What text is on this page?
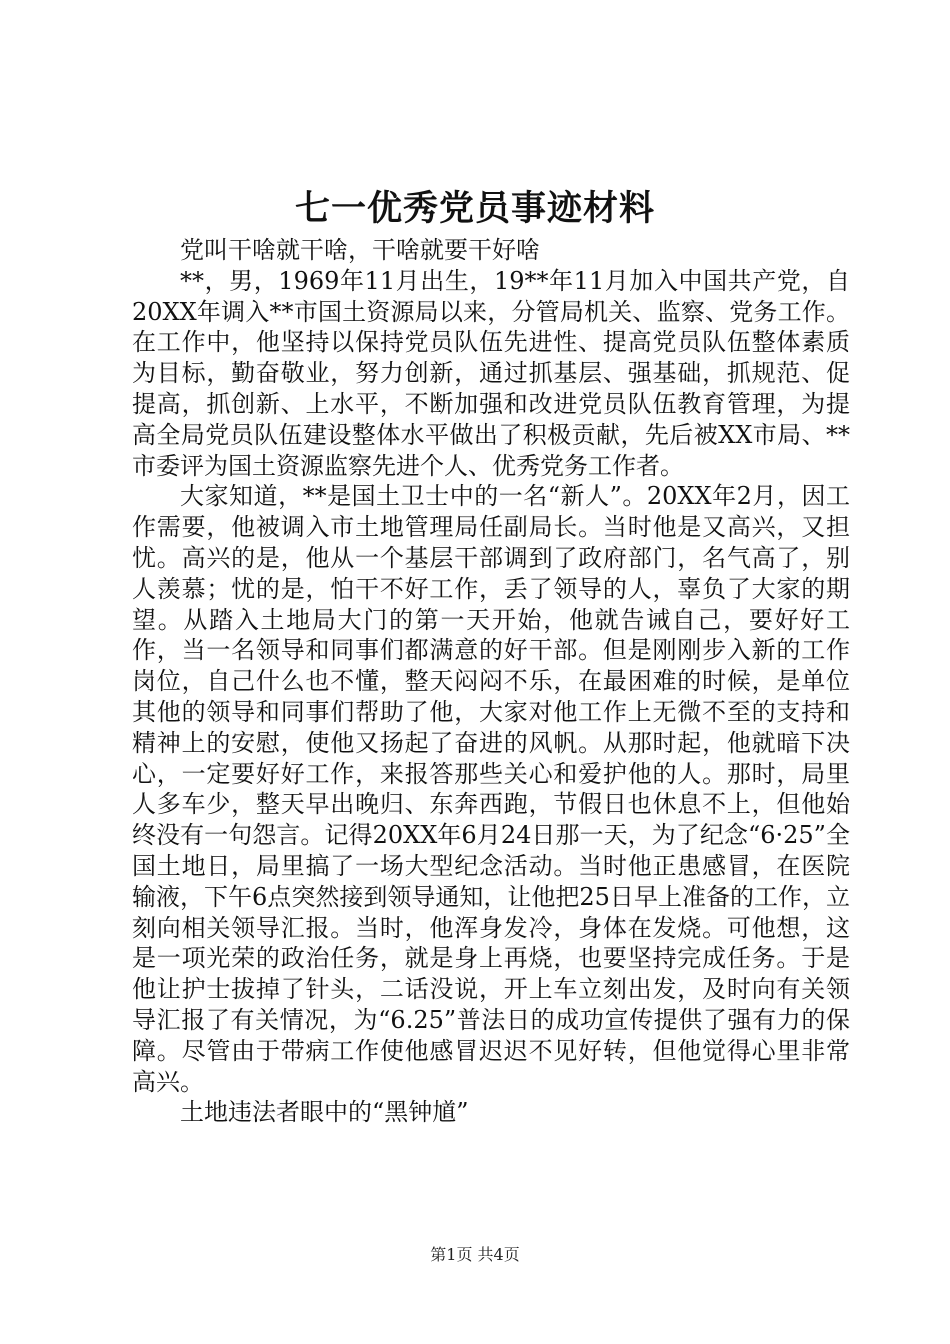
七一优秀党员事迹材料

党叫干啥就干啥，干啥就要干好啥

**，男，1969年11月出生，19**年11月加入中国共产党，自20XX年调入**市国土资源局以来，分管局机关、监察、党务工作。在工作中，他坚持以保持党员队伍先进性、提高党员队伍整体素质为目标，勤奋敬业，努力创新，通过抓基层、强基础，抓规范、促提高，抓创新、上水平，不断加强和改进党员队伍教育管理，为提高全局党员队伍建设整体水平做出了积极贡献，先后被XX市局、**市委评为国土资源监察先进个人、优秀党务工作者。

大家知道，**是国土卫士中的一名“新人”。20XX年2月，因工作需要，他被调入市土地管理局任副局长。当时他是又高兴，又担忧。高兴的是，他从一个基层干部调到了政府部门，名气高了，别人羡慕；忧的是，怕干不好工作，丢了领导的人，辜负了大家的期望。从踏入土地局大门的第一天开始，他就告诫自己，要好好工作，当一名领导和同事们都满意的好干部。但是刚刚步入新的工作岗位，自己什么也不懂，整天闷闷不乐，在最困难的时候，是单位其他的领导和同事们帮助了他，大家对他工作上无微不至的支持和精神上的安慰，使他又扬起了奋进的风帆。从那时起，他就暗下决心，一定要好好工作，来报答那些关心和爱护他的人。那时，局里人多车少，整天早出晚归、东奔西跑，节假日也休息不上，但他始终没有一句怨言。记得20XX年6月24日那一天，为了纪念“6·25”全国土地日，局里搞了一场大型纪念活动。当时他正患感冒，在医院输液，下午6点突然接到领导通知，让他把25日早上准备的工作，立刻向相关领导汇报。当时，他浑身发冷，身体在发烧。可他想，这是一项光荣的政治任务，就是身上再烧，也要坚持完成任务。于是他让护士拔掉了针头，二话没说，开上车立刻出发，及时向有关领导汇报了有关情况，为“6.25”普法日的成功宣传提供了强有力的保障。尽管由于带病工作使他感冒迟迟不见好转，但他觉得心里非常高兴。

土地违法者眼中的“黑钟馗”

第1页 共4页
